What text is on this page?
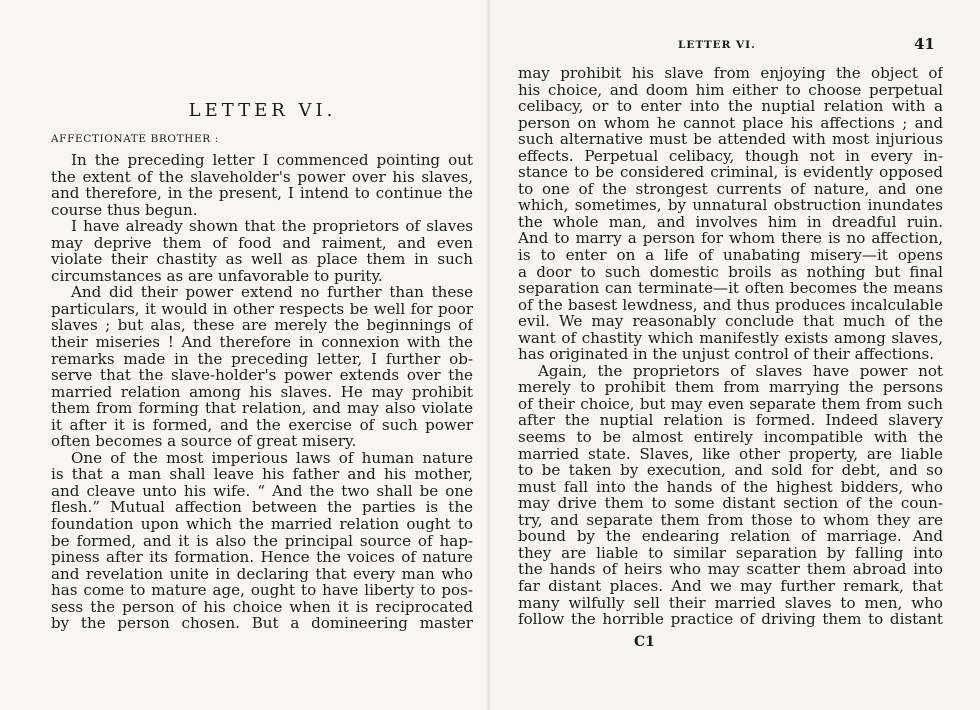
LETTER VI.
AFFECTIONATE BROTHER :
In the preceding letter I commenced pointing out
the extent of the slaveholder's power over his slaves,
and therefore, in the present, I intend to continue the
course thus begun.
I have already shown that the proprietors of slaves
may deprive them of food and raiment, and even
violate their chastity as well as place them in such
circumstances as are unfavorable to purity.
And did their power extend no further than these
particulars, it would in other respects be well for poor
slaves ; but alas, these are merely the beginnings of
their miseries ! And therefore in connexion with the
remarks made in the preceding letter, I further ob-
serve that the slave-holder's power extends over the
married relation among his slaves. He may prohibit
them from forming that relation, and may also violate
it after it is formed, and the exercise of such power
often becomes a source of great misery.
One of the most imperious laws of human nature
is that a man shall leave his father and his mother,
and cleave unto his wife. “ And the two shall be one
flesh.” Mutual affection between the parties is the
foundation upon which the married relation ought to
be formed, and it is also the principal source of hap-
piness after its formation. Hence the voices of nature
and revelation unite in declaring that every man who
has come to mature age, ought to have liberty to pos-
sess the person of his choice when it is reciprocated
by the person chosen. But a domineering master
LETTER VI.	41
may prohibit his slave from enjoying the object of
his choice, and doom him either to choose perpetual
celibacy, or to enter into the nuptial relation with a
person on whom he cannot place his affections ; and
such alternative must be attended with most injurious
effects. Perpetual celibacy, though not in every in-
stance to be considered criminal, is evidently opposed
to one of the strongest currents of nature, and one
which, sometimes, by unnatural obstruction inundates
the whole man, and involves him in dreadful ruin.
And to marry a person for whom there is no affection,
is to enter on a life of unabating misery—it opens
a door to such domestic broils as nothing but final
separation can terminate—it often becomes the means
of the basest lewdness, and thus produces incalculable
evil. We may reasonably conclude that much of the
want of chastity which manifestly exists among slaves,
has originated in the unjust control of their affections.
Again, the proprietors of slaves have power not
merely to prohibit them from marrying the persons
of their choice, but may even separate them from such
after the nuptial relation is formed. Indeed slavery
seems to be almost entirely incompatible with the
married state. Slaves, like other property, are liable
to be taken by execution, and sold for debt, and so
must fall into the hands of the highest bidders, who
may drive them to some distant section of the coun-
try, and separate them from those to whom they are
bound by the endearing relation of marriage. And
they are liable to similar separation by falling into
the hands of heirs who may scatter them abroad into
far distant places. And we may further remark, that
many wilfully sell their married slaves to men, who
follow the horrible practice of driving them to distant
C1
